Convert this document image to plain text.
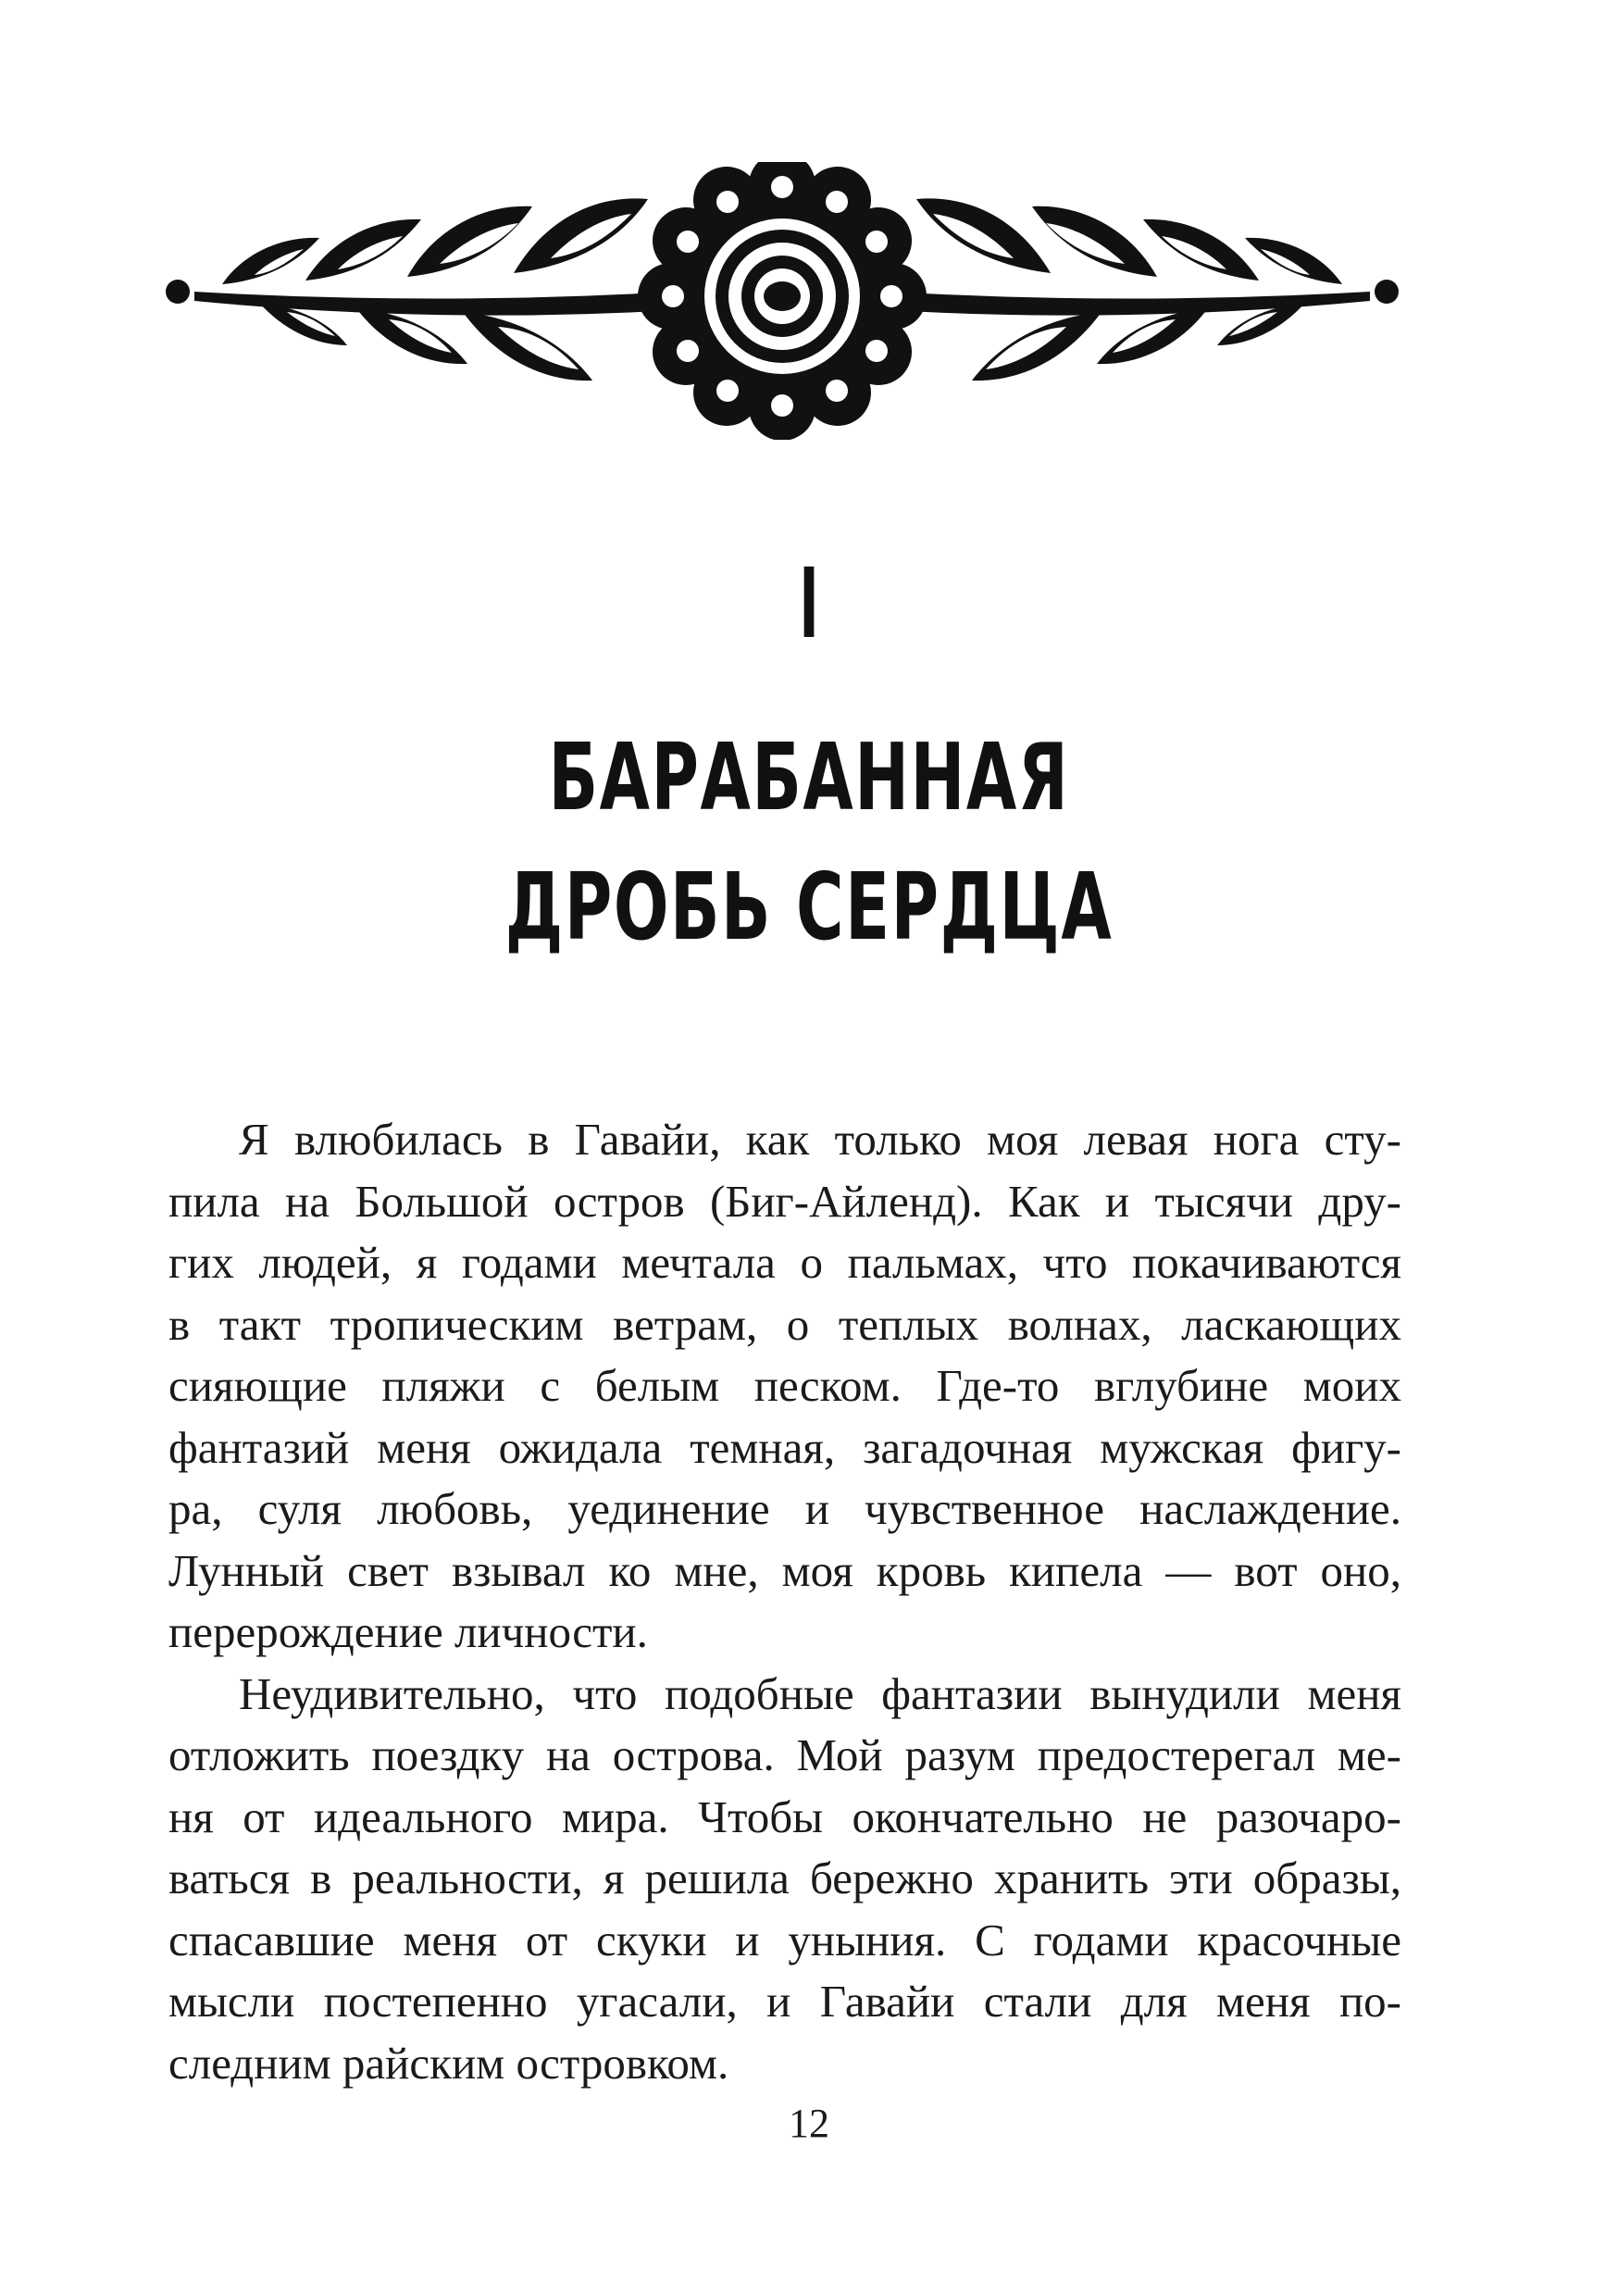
I
БАРАБАННАЯ
ДРОБЬ СЕРДЦА
Я влюбилась в Гавайи, как только моя левая нога сту-
пила на Большой остров (Биг-Айленд). Как и тысячи дру-
гих людей, я годами мечтала о пальмах, что покачиваются
в такт тропическим ветрам, о теплых волнах, ласкающих
сияющие пляжи с белым песком. Где-то вглубине моих
фантазий меня ожидала темная, загадочная мужская фигу-
ра, суля любовь, уединение и чувственное наслаждение.
Лунный свет взывал ко мне, моя кровь кипела — вот оно,
перерождение личности.
Неудивительно, что подобные фантазии вынудили меня
отложить поездку на острова. Мой разум предостерегал ме-
ня от идеального мира. Чтобы окончательно не разочаро-
ваться в реальности, я решила бережно хранить эти образы,
спасавшие меня от скуки и уныния. С годами красочные
мысли постепенно угасали, и Гавайи стали для меня по-
следним райским островком.
12
